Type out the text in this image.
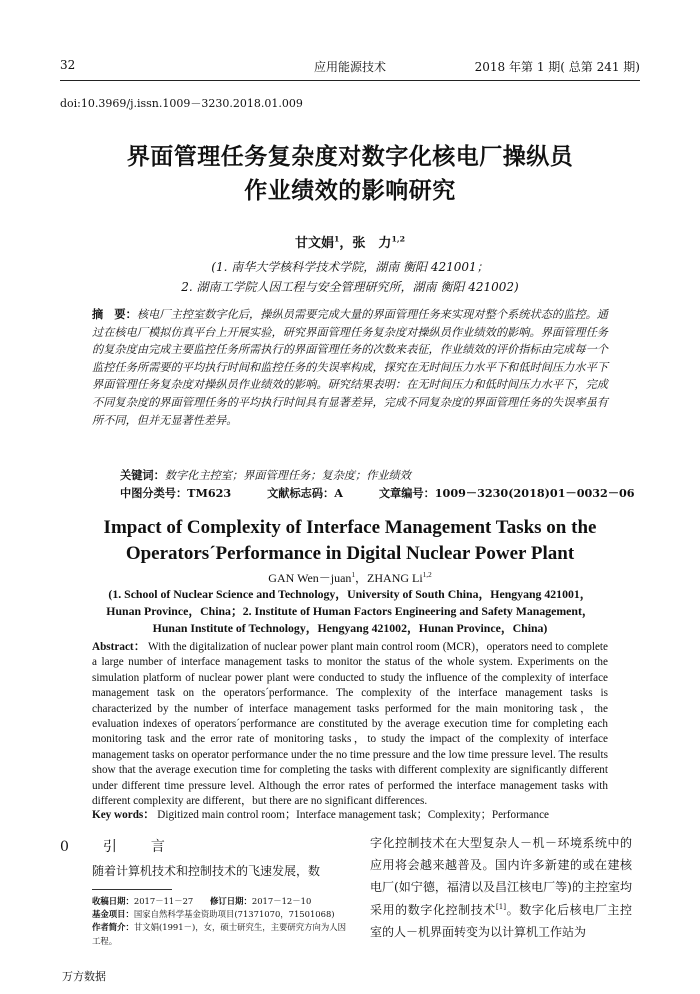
32	应用能源技术	2018 年第 1 期( 总第 241 期)
doi:10.3969/j.issn.1009－3230.2018.01.009
界面管理任务复杂度对数字化核电厂操纵员
作业绩效的影响研究
甘文娟$^1$，张　力$^{1,2}$
(1. 南华大学核科学技术学院，湖南 衡阳 421001；
2. 湖南工学院人因工程与安全管理研究所，湖南 衡阳 421002)
摘　要：核电厂主控室数字化后，操纵员需要完成大量的界面管理任务来实现对整个系统状态的监控。通过在核电厂模拟仿真平台上开展实验，研究界面管理任务复杂度对操纵员作业绩效的影响。界面管理任务的复杂度由完成主要监控任务所需执行的界面管理任务的次数来表征，作业绩效的评价指标由完成每一个监控任务所需要的平均执行时间和监控任务的失误率构成，探究在无时间压力水平下和低时间压力水平下界面管理任务复杂度对操纵员作业绩效的影响。研究结果表明：在无时间压力和低时间压力水平下，完成不同复杂度的界面管理任务的平均执行时间具有显著差异，完成不同复杂度的界面管理任务的失误率虽有所不同，但并无显著性差异。
关键词：数字化主控室；界面管理任务；复杂度；作业绩效
中图分类号：TM623	文献标志码：A	文章编号：1009－3230(2018)01－0032－06
Impact of Complexity of Interface Management Tasks on the
Operators´Performance in Digital Nuclear Power Plant
GAN Wen－juan$^1$，ZHANG Li$^{1,2}$
(1. School of Nuclear Science and Technology，University of South China，Hengyang 421001，
Hunan Province，China；2. Institute of Human Factors Engineering and Safety Management，
Hunan Institute of Technology，Hengyang 421002，Hunan Province，China)
Abstract： With the digitalization of nuclear power plant main control room (MCR)，operators need to complete a large number of interface management tasks to monitor the status of the whole system. Experiments on the simulation platform of nuclear power plant were conducted to study the influence of the complexity of interface management task on the operators´performance. The complexity of the interface management tasks is characterized by the number of interface management tasks performed for the main monitoring task，the evaluation indexes of operators´performance are constituted by the average execution time for completing each monitoring task and the error rate of monitoring tasks，to study the impact of the complexity of interface management tasks on operator performance under the no time pressure and the low time pressure level. The results show that the average execution time for completing the tasks with different complexity are significantly different under different time pressure level. Although the error rates of performed the interface management tasks with different complexity are different，but there are no significant differences.
Key words： Digitized main control room；Interface management task；Complexity；Performance
0　引　言
随着计算机技术和控制技术的飞速发展，数
收稿日期：2017－11－27　　 修订日期：2017－12－10
基金项目：国家自然科学基金资助项目(71371070，71501068)
作者简介：甘文娟(1991－)，女，硕士研究生，主要研究方向为人因工程。
字化控制技术在大型复杂人－机－环境系统中的应用将会越来越普及。国内许多新建的或在建核电厂(如宁德，福清以及昌江核电厂等)的主控室均采用的数字化控制技术[1]。数字化后核电厂主控室的人－机界面转变为以计算机工作站为
万方数据
